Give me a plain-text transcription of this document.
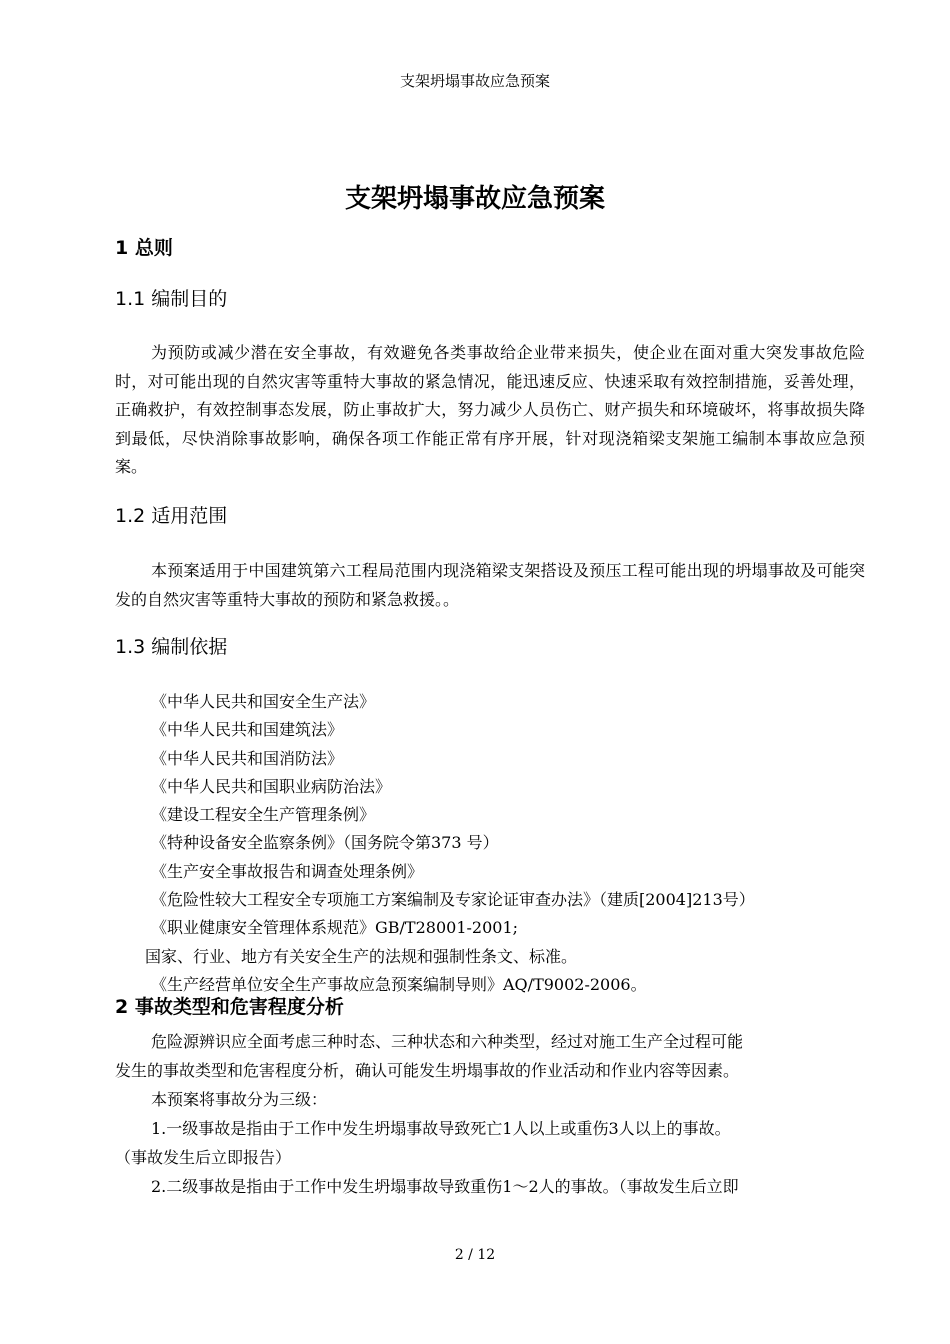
支架坍塌事故应急预案
支架坍塌事故应急预案
1 总则
1.1 编制目的
为预防或减少潜在安全事故，有效避免各类事故给企业带来损失，使企业在面对重大突发事故危险时，对可能出现的自然灾害等重特大事故的紧急情况，能迅速反应、快速采取有效控制措施，妥善处理，正确救护，有效控制事态发展，防止事故扩大，努力减少人员伤亡、财产损失和环境破坏，将事故损失降到最低，尽快消除事故影响，确保各项工作能正常有序开展，针对现浇箱梁支架施工编制本事故应急预案。
1.2 适用范围
本预案适用于中国建筑第六工程局范围内现浇箱梁支架搭设及预压工程可能出现的坍塌事故及可能突发的自然灾害等重特大事故的预防和紧急救援。。
1.3 编制依据
《中华人民共和国安全生产法》
《中华人民共和国建筑法》
《中华人民共和国消防法》
《中华人民共和国职业病防治法》
《建设工程安全生产管理条例》
《特种设备安全监察条例》（国务院令第373 号）
《生产安全事故报告和调查处理条例》
《危险性较大工程安全专项施工方案编制及专家论证审查办法》（建质[2004]213号）
《职业健康安全管理体系规范》GB/T28001-2001;
国家、行业、地方有关安全生产的法规和强制性条文、标准。
《生产经营单位安全生产事故应急预案编制导则》AQ/T9002-2006。
2 事故类型和危害程度分析
危险源辨识应全面考虑三种时态、三种状态和六种类型，经过对施工生产全过程可能
发生的事故类型和危害程度分析，确认可能发生坍塌事故的作业活动和作业内容等因素。
本预案将事故分为三级：
1.一级事故是指由于工作中发生坍塌事故导致死亡1人以上或重伤3人以上的事故。
（事故发生后立即报告）
2.二级事故是指由于工作中发生坍塌事故导致重伤1～2人的事故。（事故发生后立即
2 / 12
